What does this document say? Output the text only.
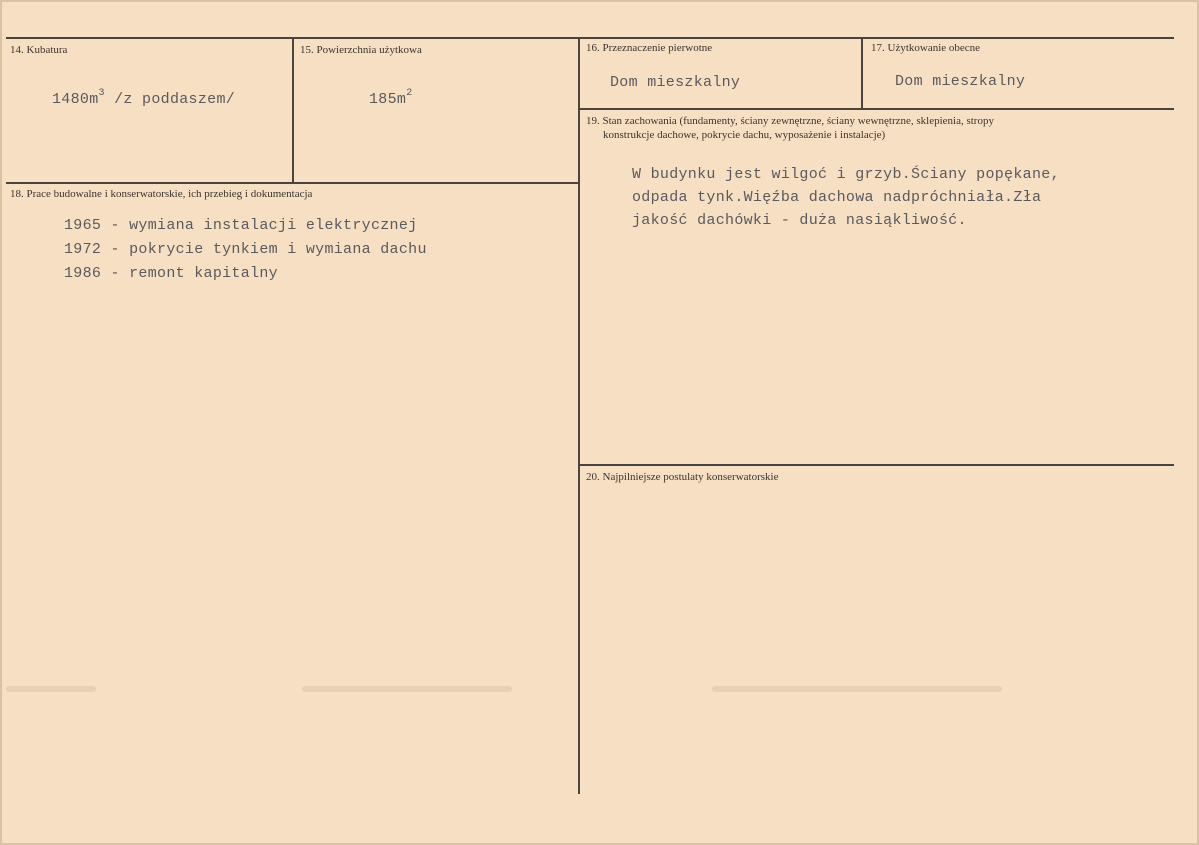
14. Kubatura
$1480m^3$ /z poddaszem/
15. Powierzchnia użytkowa
$185m^2$
16. Przeznaczenie pierwotne
Dom mieszkalny
17. Użytkowanie obecne
Dom mieszkalny
18. Prace budowalne i konserwatorskie, ich przebieg i dokumentacja
1965 - wymiana instalacji elektrycznej
1972 - pokrycie tynkiem i wymiana dachu
1986 - remont kapitalny
19. Stan zachowania (fundamenty, ściany zewnętrzne, ściany wewnętrzne, sklepienia, stropy
konstrukcje dachowe, pokrycie dachu, wyposażenie i instalacje)
W budynku jest wilgoć i grzyb.Ściany popękane,
odpada tynk.Więźba dachowa nadpróchniała.Zła
jakość dachówki - duża nasiąkliwość.
20. Najpilniejsze postulaty konserwatorskie
